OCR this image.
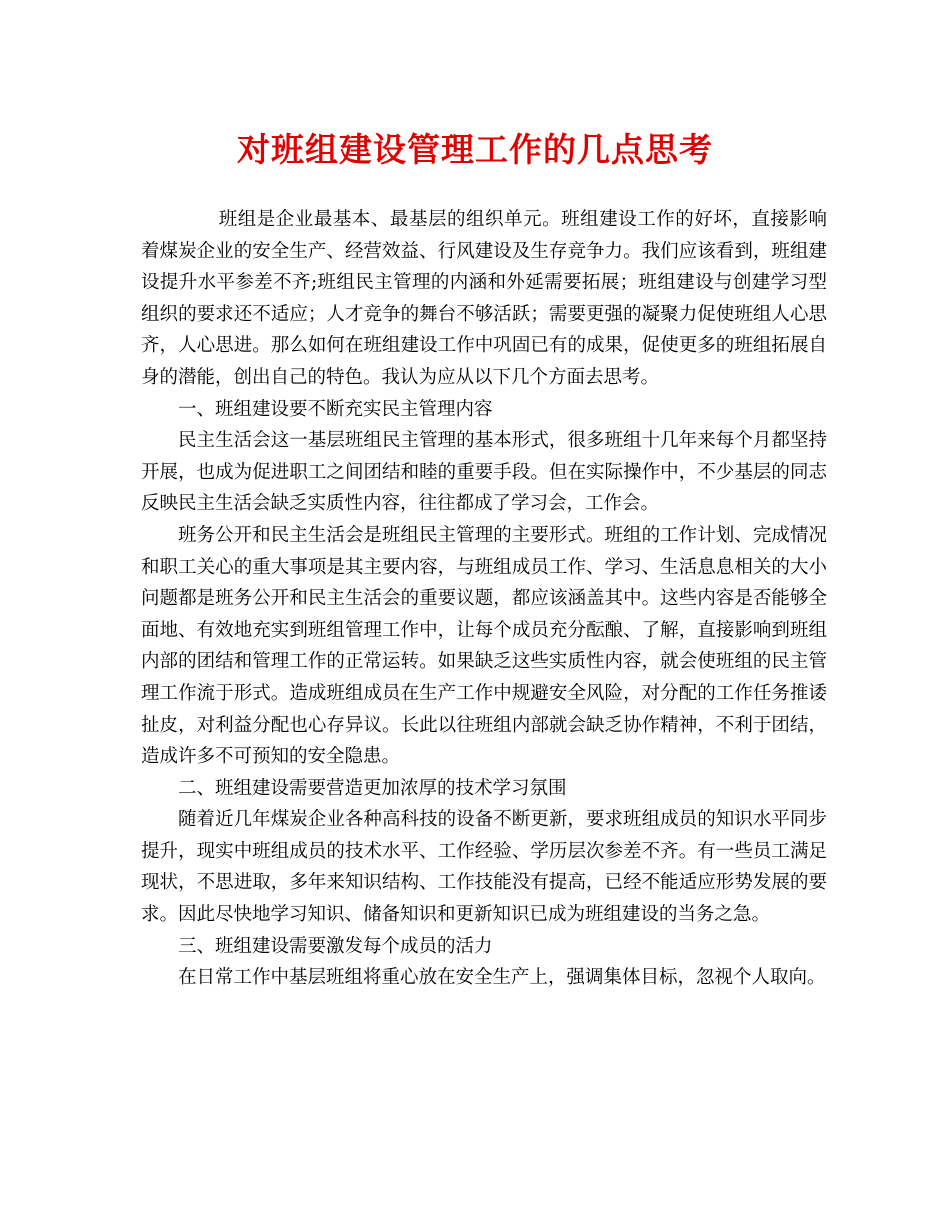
对班组建设管理工作的几点思考

班组是企业最基本、最基层的组织单元。班组建设工作的好坏，直接影响着煤炭企业的安全生产、经营效益、行风建设及生存竞争力。我们应该看到，班组建设提升水平参差不齐;班组民主管理的内涵和外延需要拓展；班组建设与创建学习型组织的要求还不适应；人才竞争的舞台不够活跃；需要更强的凝聚力促使班组人心思齐，人心思进。那么如何在班组建设工作中巩固已有的成果，促使更多的班组拓展自身的潜能，创出自己的特色。我认为应从以下几个方面去思考。

一、班组建设要不断充实民主管理内容

民主生活会这一基层班组民主管理的基本形式，很多班组十几年来每个月都坚持开展，也成为促进职工之间团结和睦的重要手段。但在实际操作中，不少基层的同志反映民主生活会缺乏实质性内容，往往都成了学习会，工作会。

班务公开和民主生活会是班组民主管理的主要形式。班组的工作计划、完成情况和职工关心的重大事项是其主要内容，与班组成员工作、学习、生活息息相关的大小问题都是班务公开和民主生活会的重要议题，都应该涵盖其中。这些内容是否能够全面地、有效地充实到班组管理工作中，让每个成员充分酝酿、了解，直接影响到班组内部的团结和管理工作的正常运转。如果缺乏这些实质性内容，就会使班组的民主管理工作流于形式。造成班组成员在生产工作中规避安全风险，对分配的工作任务推诿扯皮，对利益分配也心存异议。长此以往班组内部就会缺乏协作精神，不利于团结，造成许多不可预知的安全隐患。

二、班组建设需要营造更加浓厚的技术学习氛围

随着近几年煤炭企业各种高科技的设备不断更新，要求班组成员的知识水平同步提升，现实中班组成员的技术水平、工作经验、学历层次参差不齐。有一些员工满足现状，不思进取，多年来知识结构、工作技能没有提高，已经不能适应形势发展的要求。因此尽快地学习知识、储备知识和更新知识已成为班组建设的当务之急。

三、班组建设需要激发每个成员的活力

在日常工作中基层班组将重心放在安全生产上，强调集体目标，忽视个人取向。
